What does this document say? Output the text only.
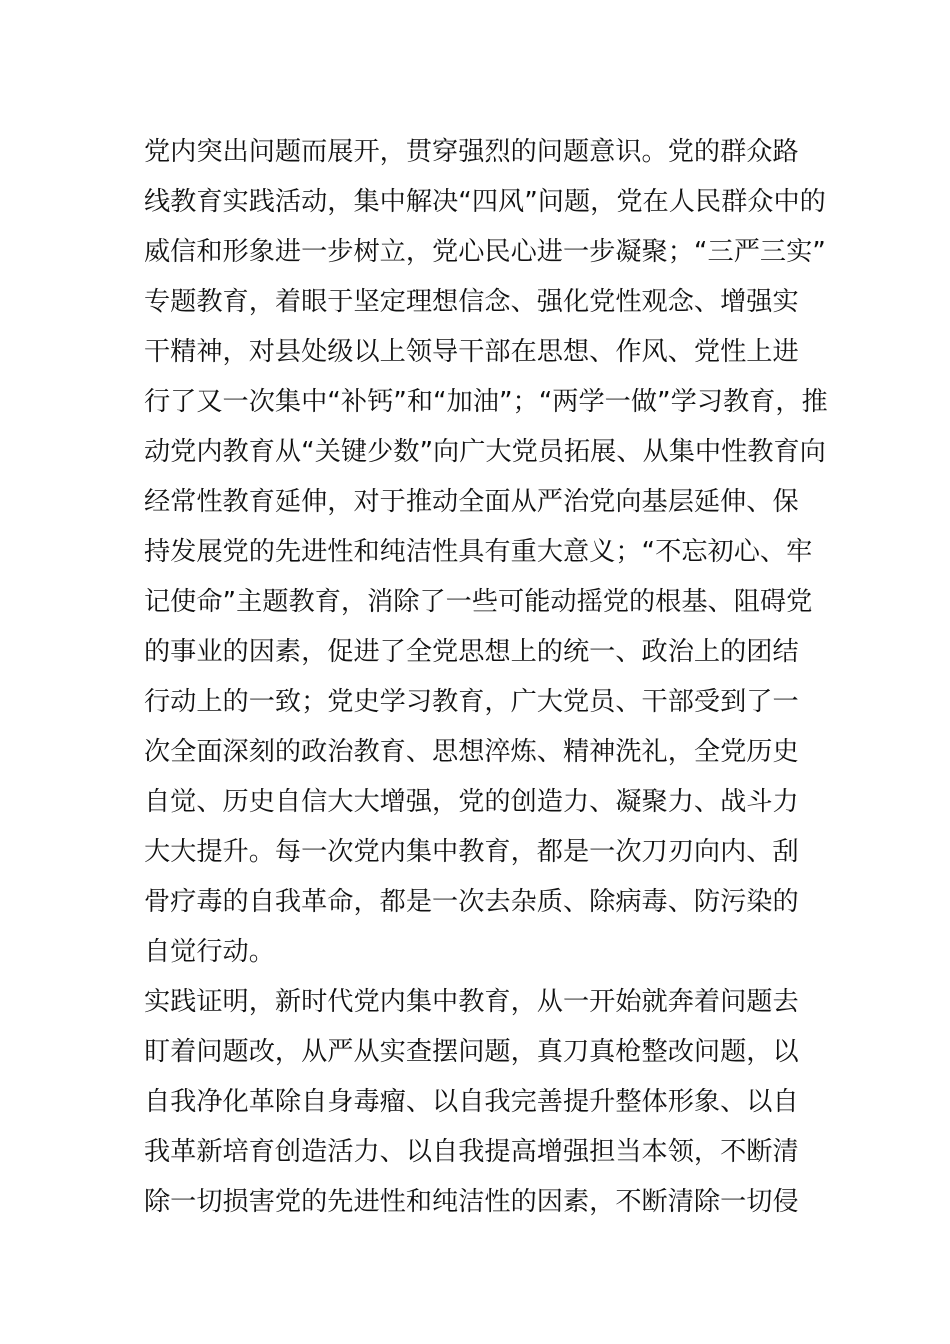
党内突出问题而展开，贯穿强烈的问题意识。党的群众路
线教育实践活动，集中解决“四风”问题，党在人民群众中的
威信和形象进一步树立，党心民心进一步凝聚；“三严三实”
专题教育，着眼于坚定理想信念、强化党性观念、增强实
干精神，对县处级以上领导干部在思想、作风、党性上进
行了又一次集中“补钙”和“加油”；“两学一做”学习教育，推
动党内教育从“关键少数”向广大党员拓展、从集中性教育向
经常性教育延伸，对于推动全面从严治党向基层延伸、保
持发展党的先进性和纯洁性具有重大意义；“不忘初心、牢
记使命”主题教育，消除了一些可能动摇党的根基、阻碍党
的事业的因素，促进了全党思想上的统一、政治上的团结
行动上的一致；党史学习教育，广大党员、干部受到了一
次全面深刻的政治教育、思想淬炼、精神洗礼，全党历史
自觉、历史自信大大增强，党的创造力、凝聚力、战斗力
大大提升。每一次党内集中教育，都是一次刀刃向内、刮
骨疗毒的自我革命，都是一次去杂质、除病毒、防污染的
自觉行动。
实践证明，新时代党内集中教育，从一开始就奔着问题去
盯着问题改，从严从实查摆问题，真刀真枪整改问题，以
自我净化革除自身毒瘤、以自我完善提升整体形象、以自
我革新培育创造活力、以自我提高增强担当本领，不断清
除一切损害党的先进性和纯洁性的因素，不断清除一切侵
